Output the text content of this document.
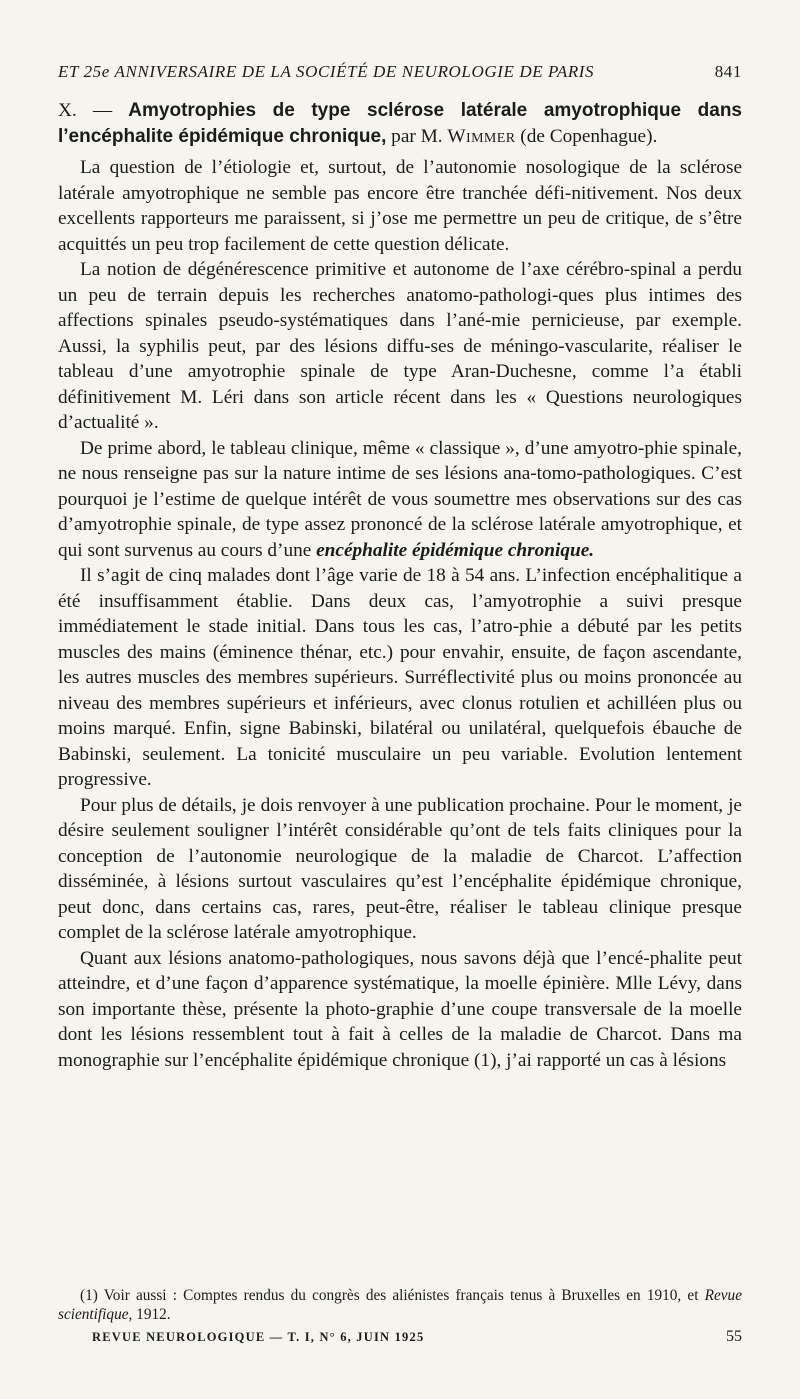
ET 25e ANNIVERSAIRE DE LA SOCIÉTÉ DE NEUROLOGIE DE PARIS	841

X. — Amyotrophies de type sclérose latérale amyotrophique dans l’encéphalite épidémique chronique, par M. Wimmer (de Copenhague).

La question de l’étiologie et, surtout, de l’autonomie nosologique de la sclérose latérale amyotrophique ne semble pas encore être tranchée défi-nitivement. Nos deux excellents rapporteurs me paraissent, si j’ose me permettre un peu de critique, de s’être acquittés un peu trop facilement de cette question délicate.

La notion de dégénérescence primitive et autonome de l’axe cérébro-spinal a perdu un peu de terrain depuis les recherches anatomo-pathologi-ques plus intimes des affections spinales pseudo-systématiques dans l’ané-mie pernicieuse, par exemple. Aussi, la syphilis peut, par des lésions diffu-ses de méningo-vascularite, réaliser le tableau d’une amyotrophie spinale de type Aran-Duchesne, comme l’a établi définitivement M. Léri dans son article récent dans les « Questions neurologiques d’actualité ».

De prime abord, le tableau clinique, même « classique », d’une amyotro-phie spinale, ne nous renseigne pas sur la nature intime de ses lésions ana-tomo-pathologiques. C’est pourquoi je l’estime de quelque intérêt de vous soumettre mes observations sur des cas d’amyotrophie spinale, de type assez prononcé de la sclérose latérale amyotrophique, et qui sont survenus au cours d’une encéphalite épidémique chronique.

Il s’agit de cinq malades dont l’âge varie de 18 à 54 ans. L’infection encéphalitique a été insuffisamment établie. Dans deux cas, l’amyotrophie a suivi presque immédiatement le stade initial. Dans tous les cas, l’atro-phie a débuté par les petits muscles des mains (éminence thénar, etc.) pour envahir, ensuite, de façon ascendante, les autres muscles des membres supérieurs. Surréflectivité plus ou moins prononcée au niveau des membres supérieurs et inférieurs, avec clonus rotulien et achilléen plus ou moins marqué. Enfin, signe Babinski, bilatéral ou unilatéral, quelquefois ébauche de Babinski, seulement. La tonicité musculaire un peu variable. Evolution lentement progressive.

Pour plus de détails, je dois renvoyer à une publication prochaine. Pour le moment, je désire seulement souligner l’intérêt considérable qu’ont de tels faits cliniques pour la conception de l’autonomie neurologique de la maladie de Charcot. L’affection disséminée, à lésions surtout vasculaires qu’est l’encéphalite épidémique chronique, peut donc, dans certains cas, rares, peut-être, réaliser le tableau clinique presque complet de la sclérose latérale amyotrophique.

Quant aux lésions anatomo-pathologiques, nous savons déjà que l’encé-phalite peut atteindre, et d’une façon d’apparence systématique, la moelle épinière. Mlle Lévy, dans son importante thèse, présente la photo-graphie d’une coupe transversale de la moelle dont les lésions ressemblent tout à fait à celles de la maladie de Charcot. Dans ma monographie sur l’encéphalite épidémique chronique (1), j’ai rapporté un cas à lésions

(1) Voir aussi : Comptes rendus du congrès des aliénistes français tenus à Bruxelles en 1910, et Revue scientifique, 1912.

REVUE NEUROLOGIQUE — T. I, N° 6, JUIN 1925	55
